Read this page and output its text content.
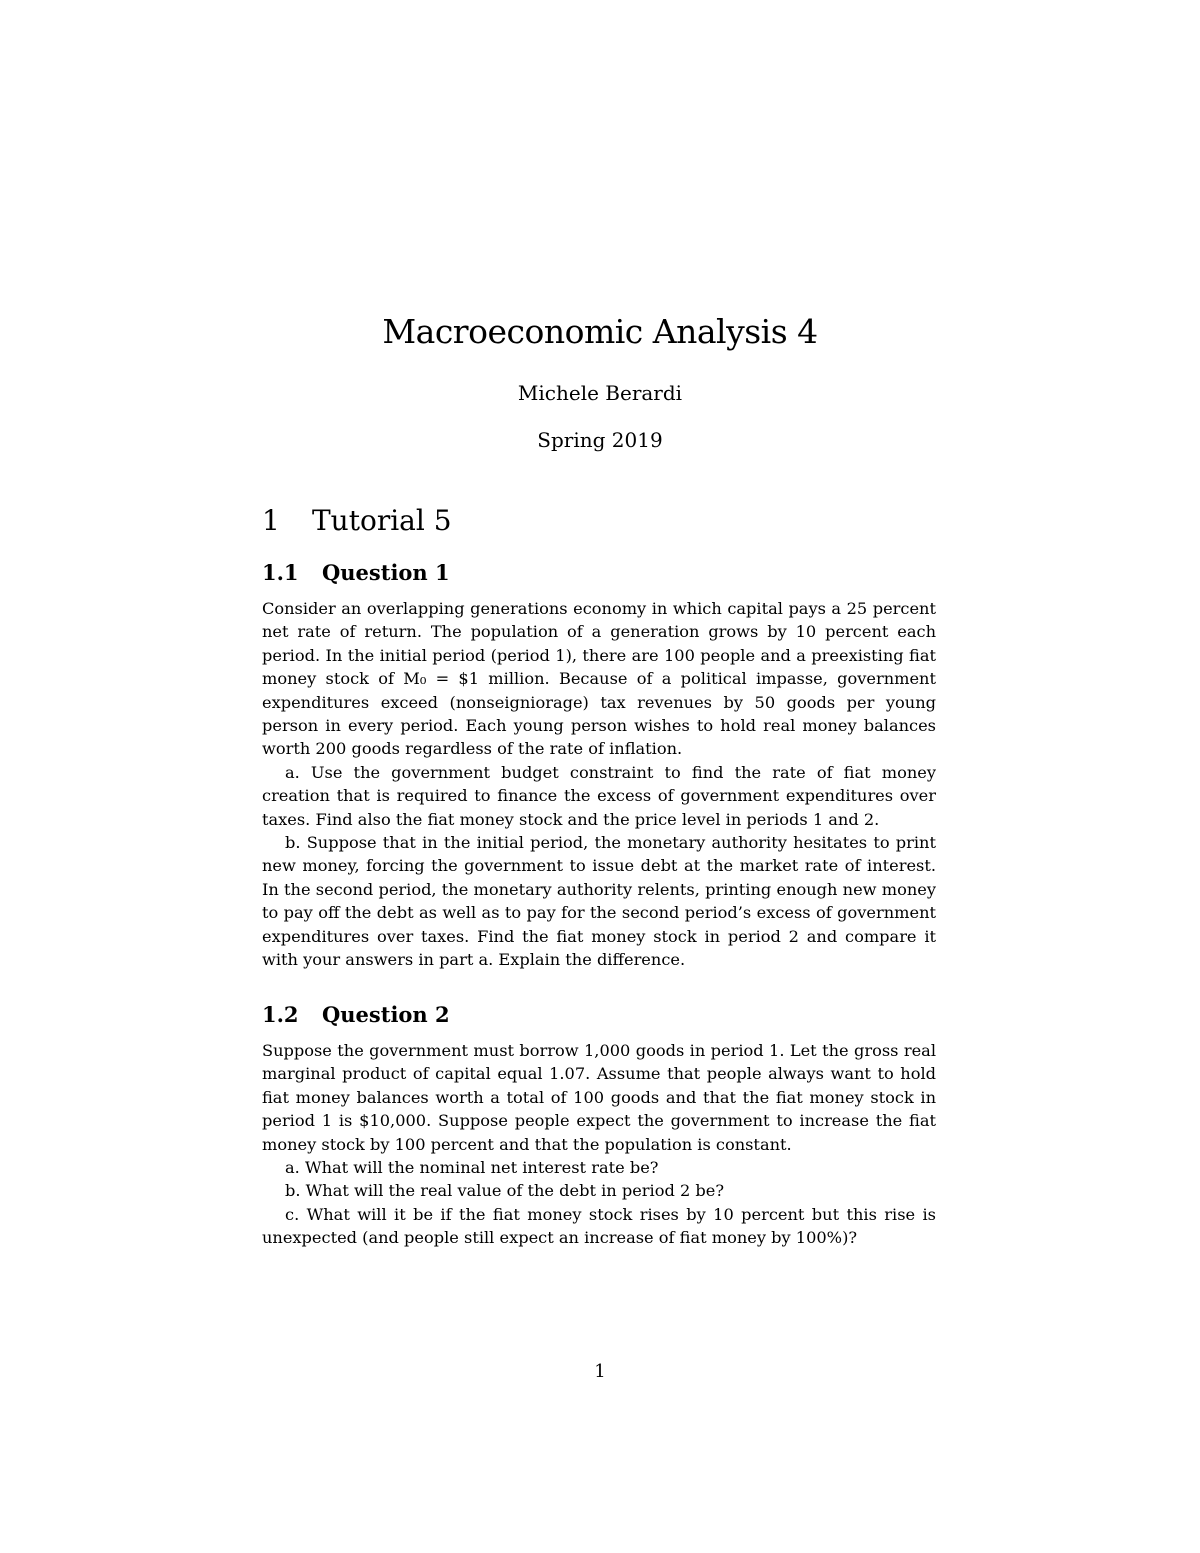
Macroeconomic Analysis 4
Michele Berardi
Spring 2019
1 Tutorial 5
1.1 Question 1

Consider an overlapping generations economy in which capital pays a 25 percent net rate of return. The population of a generation grows by 10 percent each period. In the initial period (period 1), there are 100 people and a preexisting fiat money stock of M₀ = $1 million. Because of a political impasse, government expenditures exceed (nonseigniorage) tax revenues by 50 goods per young person in every period. Each young person wishes to hold real money balances worth 200 goods regardless of the rate of inflation.

a. Use the government budget constraint to find the rate of fiat money creation that is required to finance the excess of government expenditures over taxes. Find also the fiat money stock and the price level in periods 1 and 2.

b. Suppose that in the initial period, the monetary authority hesitates to print new money, forcing the government to issue debt at the market rate of interest. In the second period, the monetary authority relents, printing enough new money to pay off the debt as well as to pay for the second period’s excess of government expenditures over taxes. Find the fiat money stock in period 2 and compare it with your answers in part a. Explain the difference.

1.2 Question 2

Suppose the government must borrow 1,000 goods in period 1. Let the gross real marginal product of capital equal 1.07. Assume that people always want to hold fiat money balances worth a total of 100 goods and that the fiat money stock in period 1 is $10,000. Suppose people expect the government to increase the fiat money stock by 100 percent and that the population is constant.

a. What will the nominal net interest rate be?

b. What will the real value of the debt in period 2 be?

c. What will it be if the fiat money stock rises by 10 percent but this rise is unexpected (and people still expect an increase of fiat money by 100%)?

1
